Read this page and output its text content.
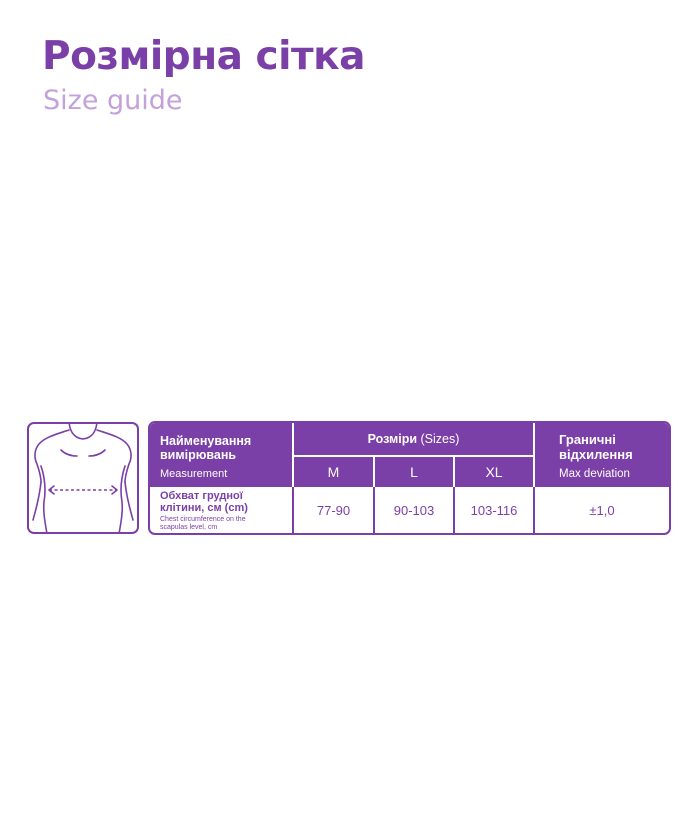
Розмірна сітка
Size guide
Найменування вимірювань
Measurement
Розміри (Sizes)
M	L	XL
Граничні відхилення
Max deviation
Обхват грудної клітини, см (cm)
Chest circumference on the scapulas level, cm
77-90	90-103	103-116	±1,0
